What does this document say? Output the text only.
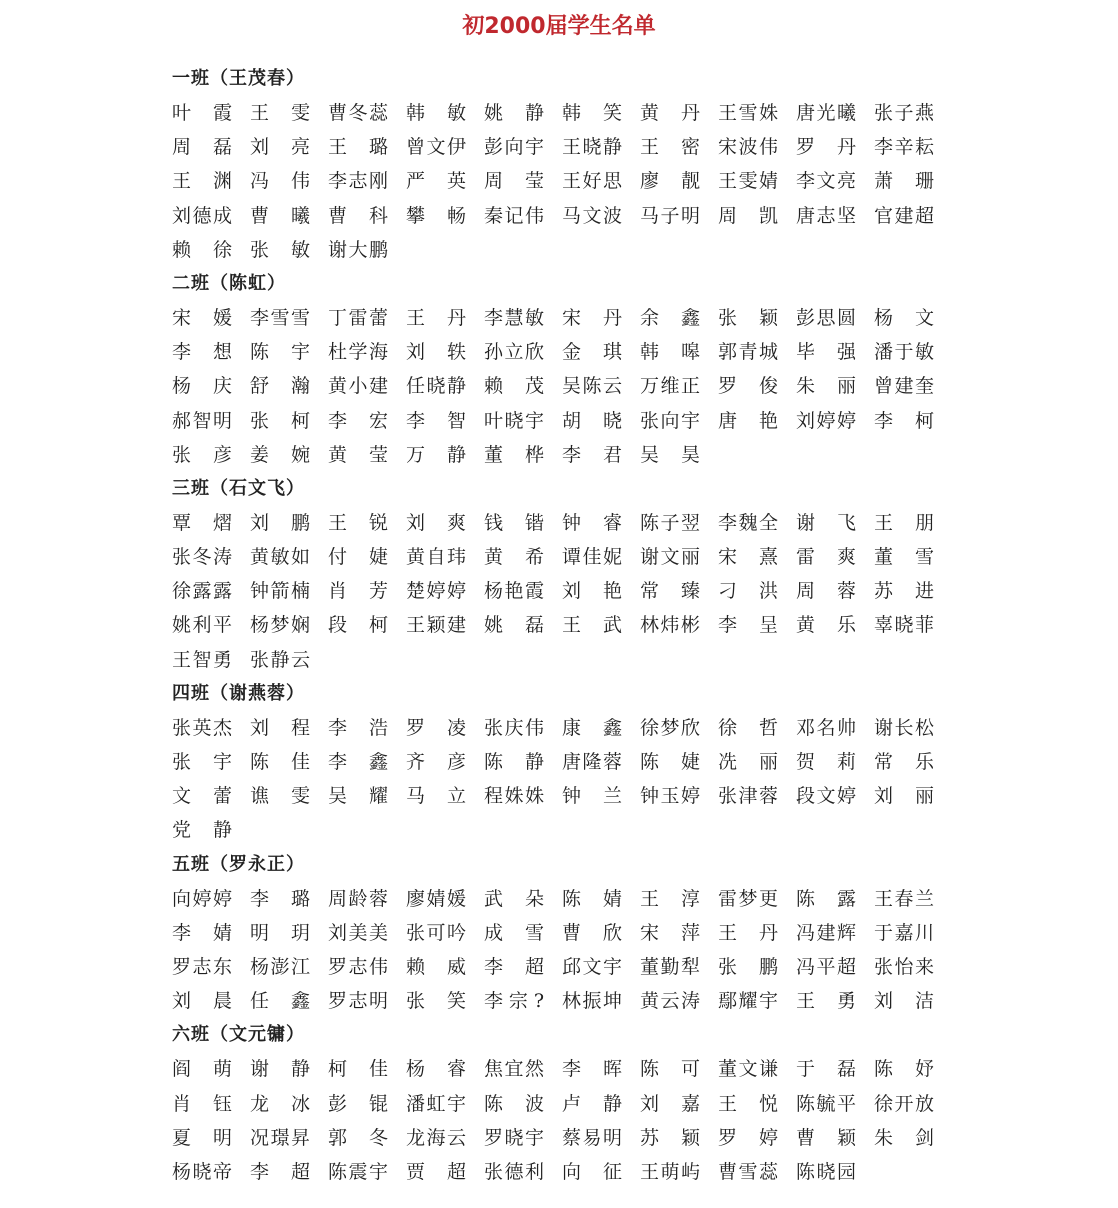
初2000届学生名单
一班（王茂春）
叶　霞 王　雯 曹冬蕊 韩　敏 姚　静 韩　笑 黄　丹 王雪姝 唐光曦 张子燕
周　磊 刘　亮 王　璐 曾文伊 彭向宇 王晓静 王　密 宋波伟 罗　丹 李辛耘
王　渊 冯　伟 李志刚 严　英 周　莹 王好思 廖　靓 王雯婧 李文亮 萧　珊
刘德成 曹　曦 曹　科 攀　畅 秦记伟 马文波 马子明 周　凯 唐志坚 官建超
赖　徐 张　敏 谢大鹏
二班（陈虹）
宋　媛 李雪雪 丁雷蕾 王　丹 李慧敏 宋　丹 余　鑫 张　颖 彭思圆 杨　文
李　想 陈　宇 杜学海 刘　轶 孙立欣 金　琪 韩　嗥 郭青城 毕　强 潘于敏
杨　庆 舒　瀚 黄小建 任晓静 赖　茂 吴陈云 万维正 罗　俊 朱　丽 曾建奎
郝智明 张　柯 李　宏 李　智 叶晓宇 胡　晓 张向宇 唐　艳 刘婷婷 李　柯
张　彦 姜　婉 黄　莹 万　静 董　桦 李　君 吴　昊
三班（石文飞）
覃　熠 刘　鹏 王　锐 刘　爽 钱　锴 钟　睿 陈子翌 李魏全 谢　飞 王　朋
张冬涛 黄敏如 付　婕 黄自玮 黄　希 谭佳妮 谢文丽 宋　熹 雷　爽 董　雪
徐露露 钟箭楠 肖　芳 楚婷婷 杨艳霞 刘　艳 常　臻 刁　洪 周　蓉 苏　进
姚利平 杨梦娴 段　柯 王颖建 姚　磊 王　武 林炜彬 李　呈 黄　乐 辜晓菲
王智勇 张静云
四班（谢燕蓉）
张英杰 刘　程 李　浩 罗　凌 张庆伟 康　鑫 徐梦欣 徐　哲 邓名帅 谢长松
张　宇 陈　佳 李　鑫 齐　彦 陈　静 唐隆蓉 陈　婕 冼　丽 贺　莉 常　乐
文　蕾 谯　雯 吴　耀 马　立 程姝姝 钟　兰 钟玉婷 张津蓉 段文婷 刘　丽
党　静
五班（罗永正）
向婷婷 李　璐 周龄蓉 廖婧媛 武　朵 陈　婧 王　淳 雷梦更 陈　露 王春兰
李　婧 明　玥 刘美美 张可吟 成　雪 曹　欣 宋　萍 王　丹 冯建辉 于嘉川
罗志东 杨澎江 罗志伟 赖　威 李　超 邱文宇 董勤犁 张　鹏 冯平超 张怡来
刘　晨 任　鑫 罗志明 张　笑 李宗? 林振坤 黄云涛 鄢耀宇 王　勇 刘　洁
六班（文元镛）
阎　萌 谢　静 柯　佳 杨　睿 焦宜然 李　晖 陈　可 董文谦 于　磊 陈　妤
肖　钰 龙　冰 彭　锟 潘虹宇 陈　波 卢　静 刘　嘉 王　悦 陈毓平 徐开放
夏　明 况璟昇 郭　冬 龙海云 罗晓宇 蔡易明 苏　颖 罗　婷 曹　颖 朱　剑
杨晓帝 李　超 陈震宇 贾　超 张德利 向　征 王萌屿 曹雪蕊 陈晓园
